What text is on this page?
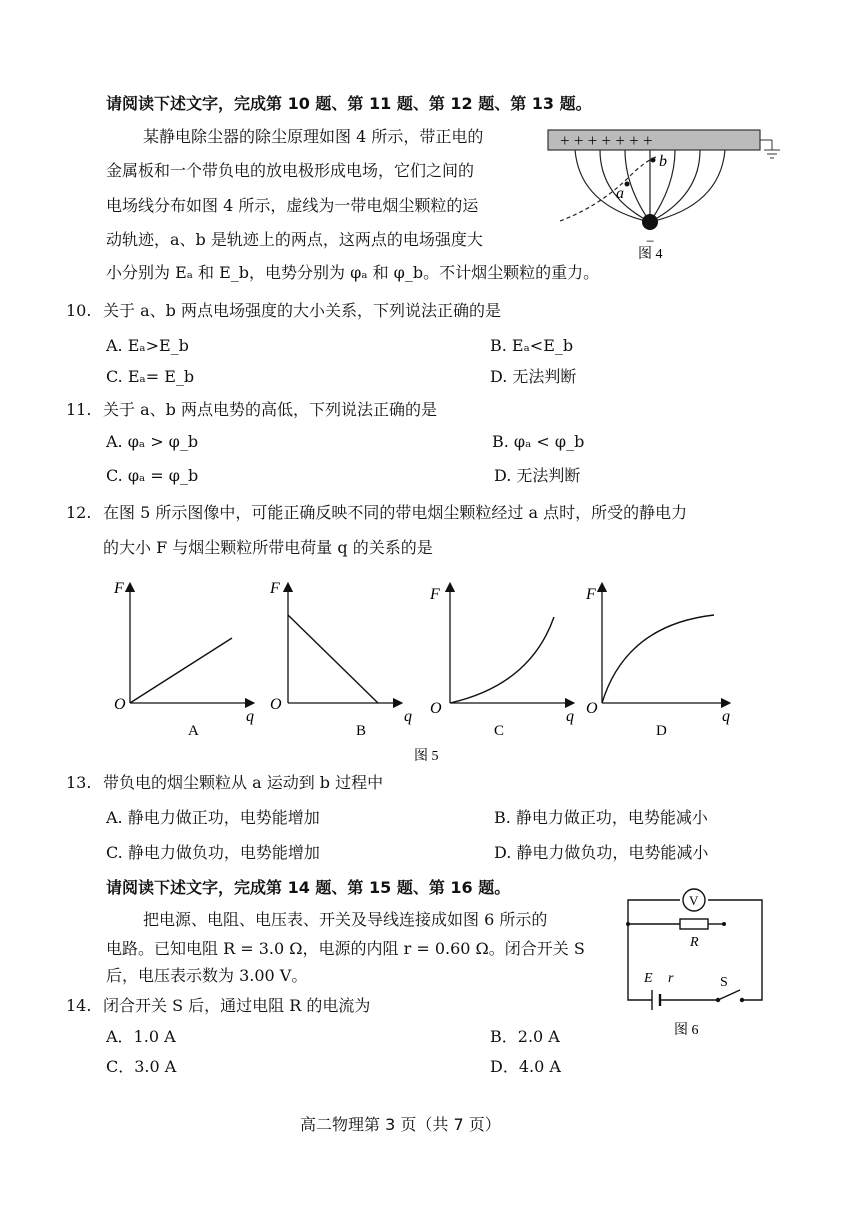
请阅读下述文字，完成第 10 题、第 11 题、第 12 题、第 13 题。
某静电除尘器的除尘原理如图 4 所示，带正电的
金属板和一个带负电的放电极形成电场，它们之间的
电场线分布如图 4 所示，虚线为一带电烟尘颗粒的运
动轨迹，a、b 是轨迹上的两点，这两点的电场强度大
小分别为 Eₐ 和 E_b，电势分别为 φₐ 和 φ_b。不计烟尘颗粒的重力。
+ + + + + + +
a
b
−
图 4
10. 关于 a、b 两点电场强度的大小关系，下列说法正确的是
A. Eₐ>E_b	B. Eₐ<E_b
C. Eₐ= E_b	D. 无法判断
11. 关于 a、b 两点电势的高低，下列说法正确的是
A. φₐ > φ_b	B. φₐ < φ_b
C. φₐ = φ_b	D. 无法判断
12. 在图 5 所示图像中，可能正确反映不同的带电烟尘颗粒经过 a 点时，所受的静电力
的大小 F 与烟尘颗粒所带电荷量 q 的关系的是
F
O
q
A
F
O
q
B
F
O	q
C
F
O	q
D
图 5
13. 带负电的烟尘颗粒从 a 运动到 b 过程中
A. 静电力做正功，电势能增加	B. 静电力做正功，电势能减小
C. 静电力做负功，电势能增加	D. 静电力做负功，电势能减小
请阅读下述文字，完成第 14 题、第 15 题、第 16 题。
把电源、电阻、电压表、开关及导线连接成如图 6 所示的
电路。已知电阻 R = 3.0 Ω，电源的内阻 r = 0.60 Ω。闭合开关 S
后，电压表示数为 3.00 V。
V
R
E r	S
图 6
14. 闭合开关 S 后，通过电阻 R 的电流为
A．1.0 A	B．2.0 A
C．3.0 A	D．4.0 A
高二物理第 3 页（共 7 页）
